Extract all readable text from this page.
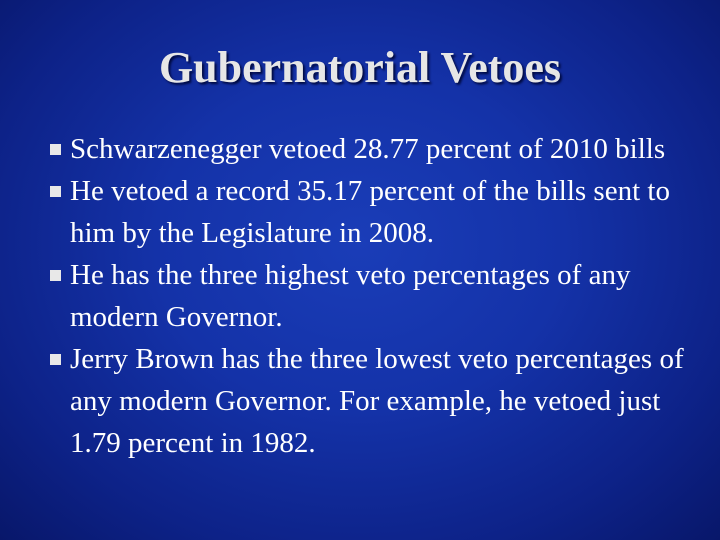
Gubernatorial Vetoes
Schwarzenegger vetoed 28.77 percent of 2010 bills
He vetoed a record 35.17 percent of the bills sent to him by the Legislature in 2008.
He has the three highest veto percentages of any modern Governor.
Jerry Brown has the three lowest veto percentages of any modern Governor. For example, he vetoed just 1.79 percent in 1982.
